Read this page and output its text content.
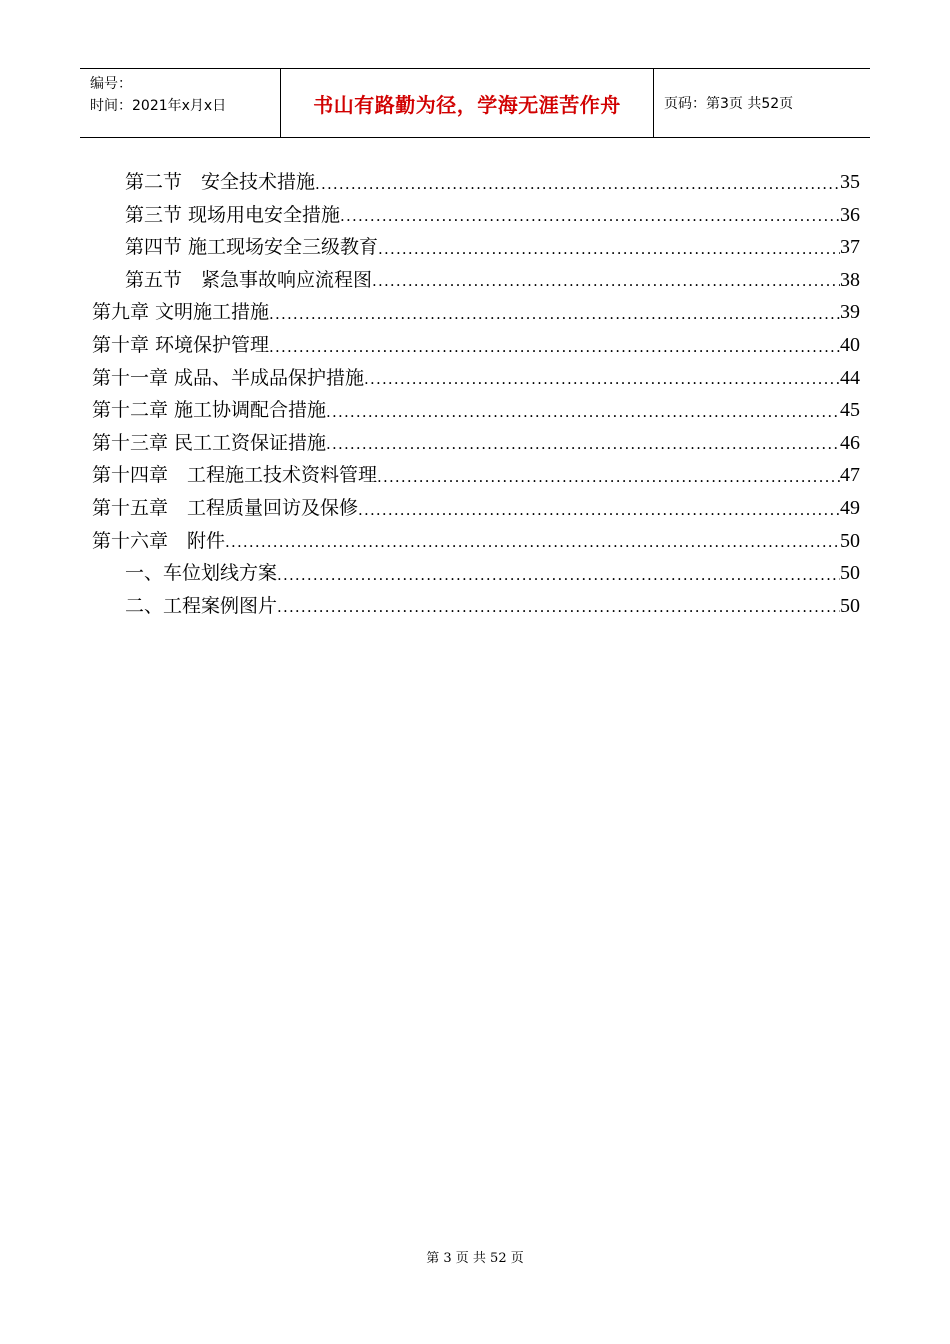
编号：
时间：2021年x月x日	书山有路勤为径，学海无涯苦作舟	页码：第3页 共52页
第二节　安全技术措施 .....	35
第三节 现场用电安全措施 .....	36
第四节 施工现场安全三级教育 .....	37
第五节　紧急事故响应流程图 .....	38
第九章 文明施工措施 .....	39
第十章 环境保护管理 .....	40
第十一章 成品、半成品保护措施 .....	44
第十二章 施工协调配合措施 .....	45
第十三章 民工工资保证措施 .....	46
第十四章　工程施工技术资料管理 .....	47
第十五章　工程质量回访及保修 .....	49
第十六章　附件 .....	50
一、车位划线方案 .....	50
二、工程案例图片 .....	50
第 3 页 共 52 页
